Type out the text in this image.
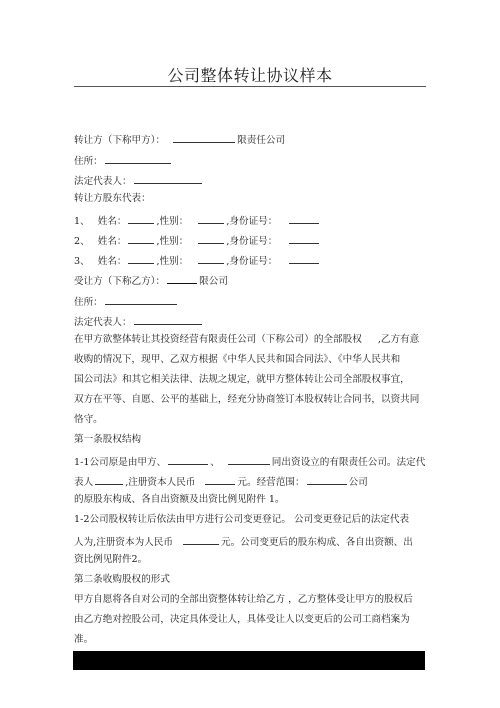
公司整体转让协议样本
转让方（下称甲方）：	限责任公司
住所：
法定代表人：
转让方股东代表：
1、 姓名：	,性别：	,身份证号：
2、 姓名：	,性别：	,身份证号：
3、 姓名：	,性别：	,身份证号：
受让方（下称乙方）：	限公司
住所：
法定代表人：
在甲方欲整体转让其投资经营有限责任公司（下称公司）的全部股权 ,乙方有意
收购的情况下，现甲、乙双方根据《中华人民共和国合同法》、《中华人民共和
国公司法》和其它相关法律、法规之规定，就甲方整体转让公司全部股权事宜，
双方在平等、自愿、公平的基础上，经充分协商签订本股权转让合同书，以资共同
恪守。
第一条股权结构
1-1公司原是由甲方、	、	同出资设立的有限责任公司。法定代
表人	,注册资本人民币	元。经营范围：	公司
的原股东构成、各自出资额及出资比例见附件 1。
1-2公司股权转让后依法由甲方进行公司变更登记。 公司变更登记后的法定代表
人为,注册资本为人民币	元。公司变更后的股东构成、各自出资额、出
资比例见附件2。
第二条收购股权的形式
甲方自愿将各自对公司的全部出资整体转让给乙方 ，乙方整体受让甲方的股权后
由乙方绝对控股公司，决定具体受让人，具体受让人以变更后的公司工商档案为
准。
